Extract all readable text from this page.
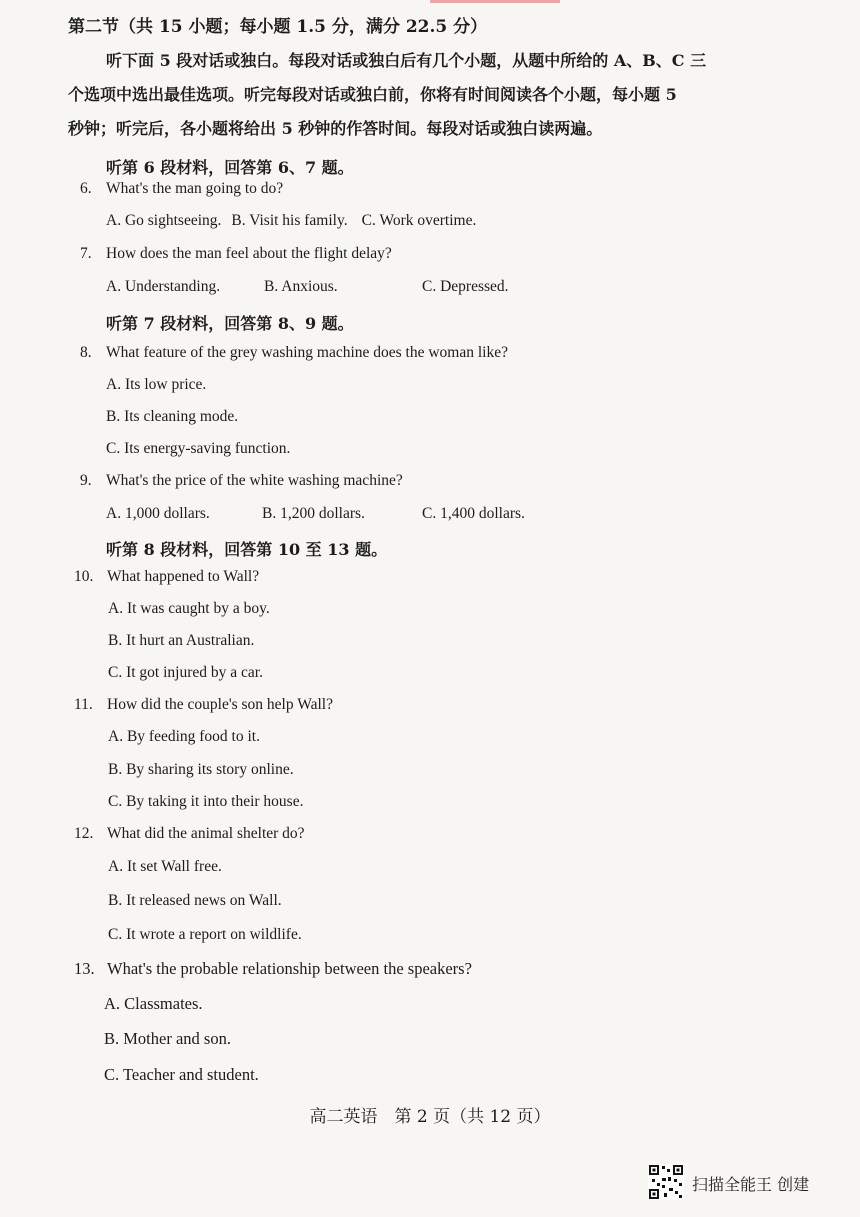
第二节（共 15 小题；每小题 1.5 分，满分 22.5 分）
听下面 5 段对话或独白。每段对话或独白后有几个小题，从题中所给的 A、B、C 三
个选项中选出最佳选项。听完每段对话或独白前，你将有时间阅读各个小题，每小题 5
秒钟；听完后，各小题将给出 5 秒钟的作答时间。每段对话或独白读两遍。
听第 6 段材料，回答第 6、7 题。
6. What's the man going to do?
A. Go sightseeing. B. Visit his family. C. Work overtime.
7. How does the man feel about the flight delay?
A. Understanding.	B. Anxious.	C. Depressed.
听第 7 段材料，回答第 8、9 题。
8. What feature of the grey washing machine does the woman like?
A. Its low price.
B. Its cleaning mode.
C. Its energy-saving function.
9. What's the price of the white washing machine?
A. 1,000 dollars.	B. 1,200 dollars.	C. 1,400 dollars.
听第 8 段材料，回答第 10 至 13 题。
10. What happened to Wall?
A. It was caught by a boy.
B. It hurt an Australian.
C. It got injured by a car.
11. How did the couple's son help Wall?
A. By feeding food to it.
B. By sharing its story online.
C. By taking it into their house.
12. What did the animal shelter do?
A. It set Wall free.
B. It released news on Wall.
C. It wrote a report on wildlife.
13. What's the probable relationship between the speakers?
A. Classmates.
B. Mother and son.
C. Teacher and student.
高二英语　第 2 页（共 12 页）
扫描全能王 创建
